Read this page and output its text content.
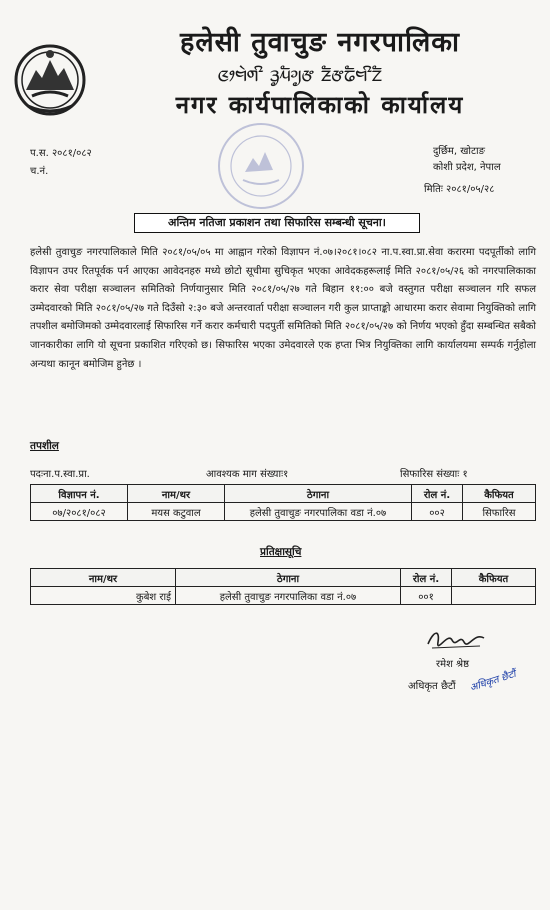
हलेसी तुवाचुङ नगरपालिका
ᤜᤣᤗᤧᤛᤡ ᤋᤢᤘᤠᤆᤢᤅ ᤏᤠᤅᤒᤠᤗᤡᤁᤠ
नगर कार्यपालिकाको कार्यालय
प.स. २०८१/०८२
च.नं.
दुर्छिम, खोटाङ
कोशी प्रदेश, नेपाल
मितिः २०८१/०५/२८
अन्तिम नतिजा प्रकाशन तथा सिफारिस सम्बन्धी सूचना।
हलेसी तुवाचुङ नगरपालिकाले मिति २०८१/०५/०५ मा आह्वान गरेको विज्ञापन नं.०७।२०८१।०८२ ना.प.स्वा.प्रा.सेवा करारमा पदपूर्तीको लागि विज्ञापन उपर रितपूर्वक पर्न आएका आवेदनहरु मध्ये छोटो सूचीमा सुचिकृत भएका आवेदकहरूलाई मिति २०८१/०५/२६ को नगरपालिकाका करार सेवा परीक्षा सञ्चालन समितिको निर्णयानुसार मिति २०८१/०५/२७ गते बिहान ११:०० बजे वस्तुगत परीक्षा सञ्चालन गरि सफल उम्मेदवारको मिति २०८१/०५/२७ गते दिउँसो २:३० बजे अन्तरवार्ता परीक्षा सञ्चालन गरी कुल प्राप्ताङ्को आधारमा करार सेवामा नियुक्तिको लागि तपशील बमोजिमको उम्मेदवारलाई सिफारिस गर्ने करार कर्मचारी पदपुर्ती समितिको मिति २०८१/०५/२७ को निर्णय भएको हुँदा सम्बन्धित सबैको जानकारीका लागि यो सूचना प्रकाशित गरिएको छ। सिफारिस भएका उमेदवारले एक हप्ता भित्र नियुक्तिका लागि कार्यालयमा सम्पर्क गर्नुहोला अन्यथा कानून बमोजिम हुनेछ ।
तपशील
पदःना.प.स्वा.प्रा.	आवश्यक माग संख्याः१	सिफारिस संख्याः १
विज्ञापन नं.	नाम/थर	ठेगाना	रोल नं.	कैफियत
०७/२०८१/०८२	मयस कटुवाल	हलेसी तुवाचुङ नगरपालिका वडा नं.०७	००२	सिफारिस
प्रतिक्षासूचि
नाम/थर	ठेगाना	रोल नं.	कैफियत
कुबेश राई	हलेसी तुवाचुङ नगरपालिका वडा नं.०७	००१	
रमेश श्रेष्ठ
अधिकृत छैटौं अधिकृत छैटौं
